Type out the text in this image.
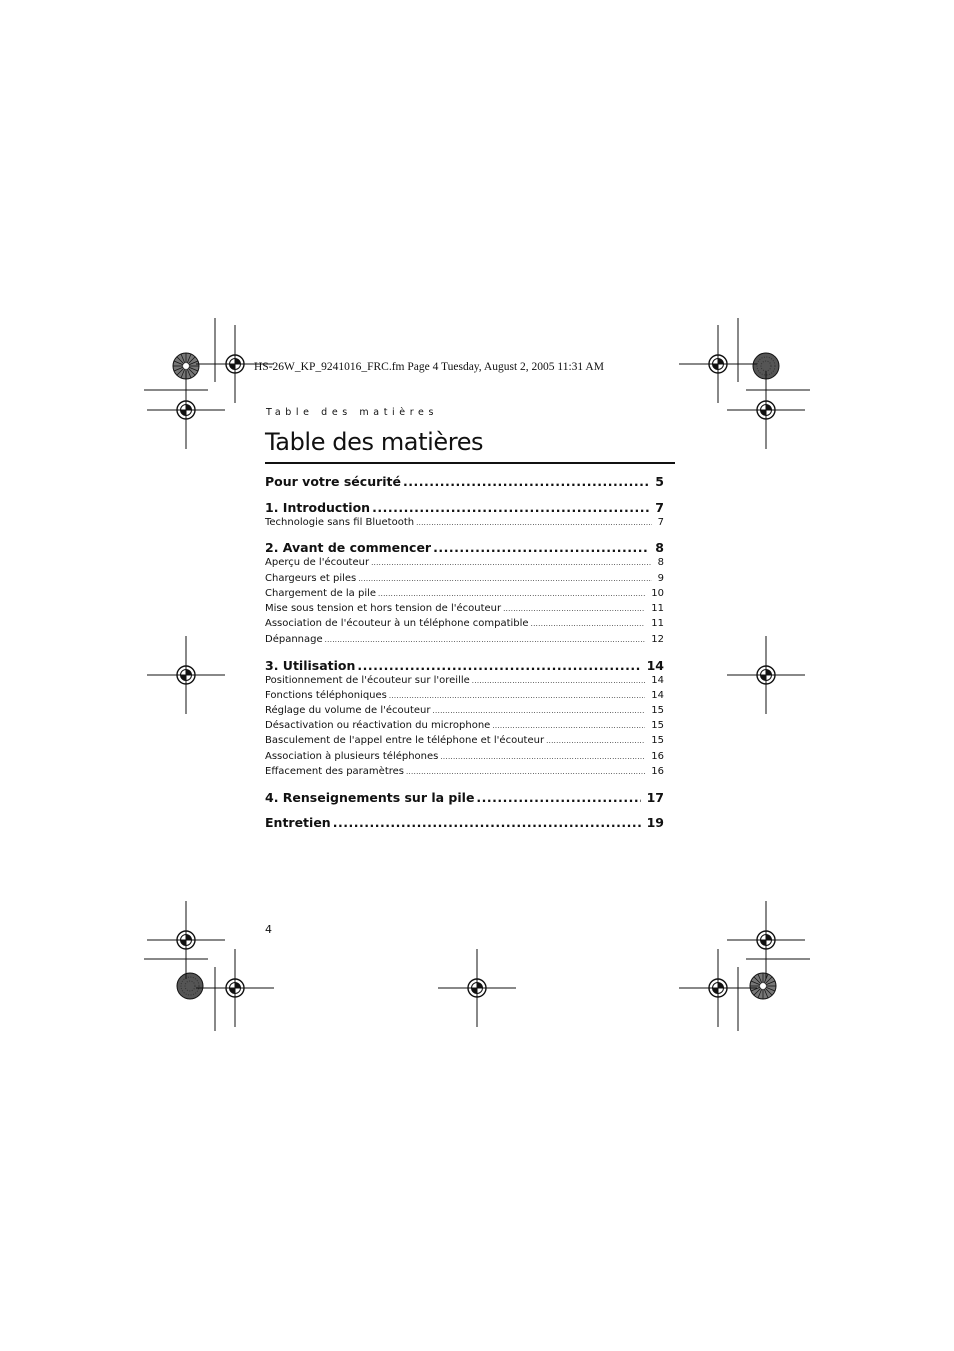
HS-26W_KP_9241016_FRC.fm Page 4 Tuesday, August 2, 2005 11:31 AM
Table des matières
Table des matières
Pour votre sécurité .....	5
1. Introduction .....	7
Technologie sans fil Bluetooth .....	7
2. Avant de commencer .....	8
Aperçu de l'écouteur .....	8
Chargeurs et piles .....	9
Chargement de la pile .....	10
Mise sous tension et hors tension de l'écouteur .....	11
Association de l'écouteur à un téléphone compatible .....	11
Dépannage .....	12
3. Utilisation .....	14
Positionnement de l'écouteur sur l'oreille .....	14
Fonctions téléphoniques .....	14
Réglage du volume de l'écouteur .....	15
Désactivation ou réactivation du microphone .....	15
Basculement de l'appel entre le téléphone et l'écouteur .....	15
Association à plusieurs téléphones .....	16
Effacement des paramètres .....	16
4. Renseignements sur la pile .....	17
Entretien .....	19
4
